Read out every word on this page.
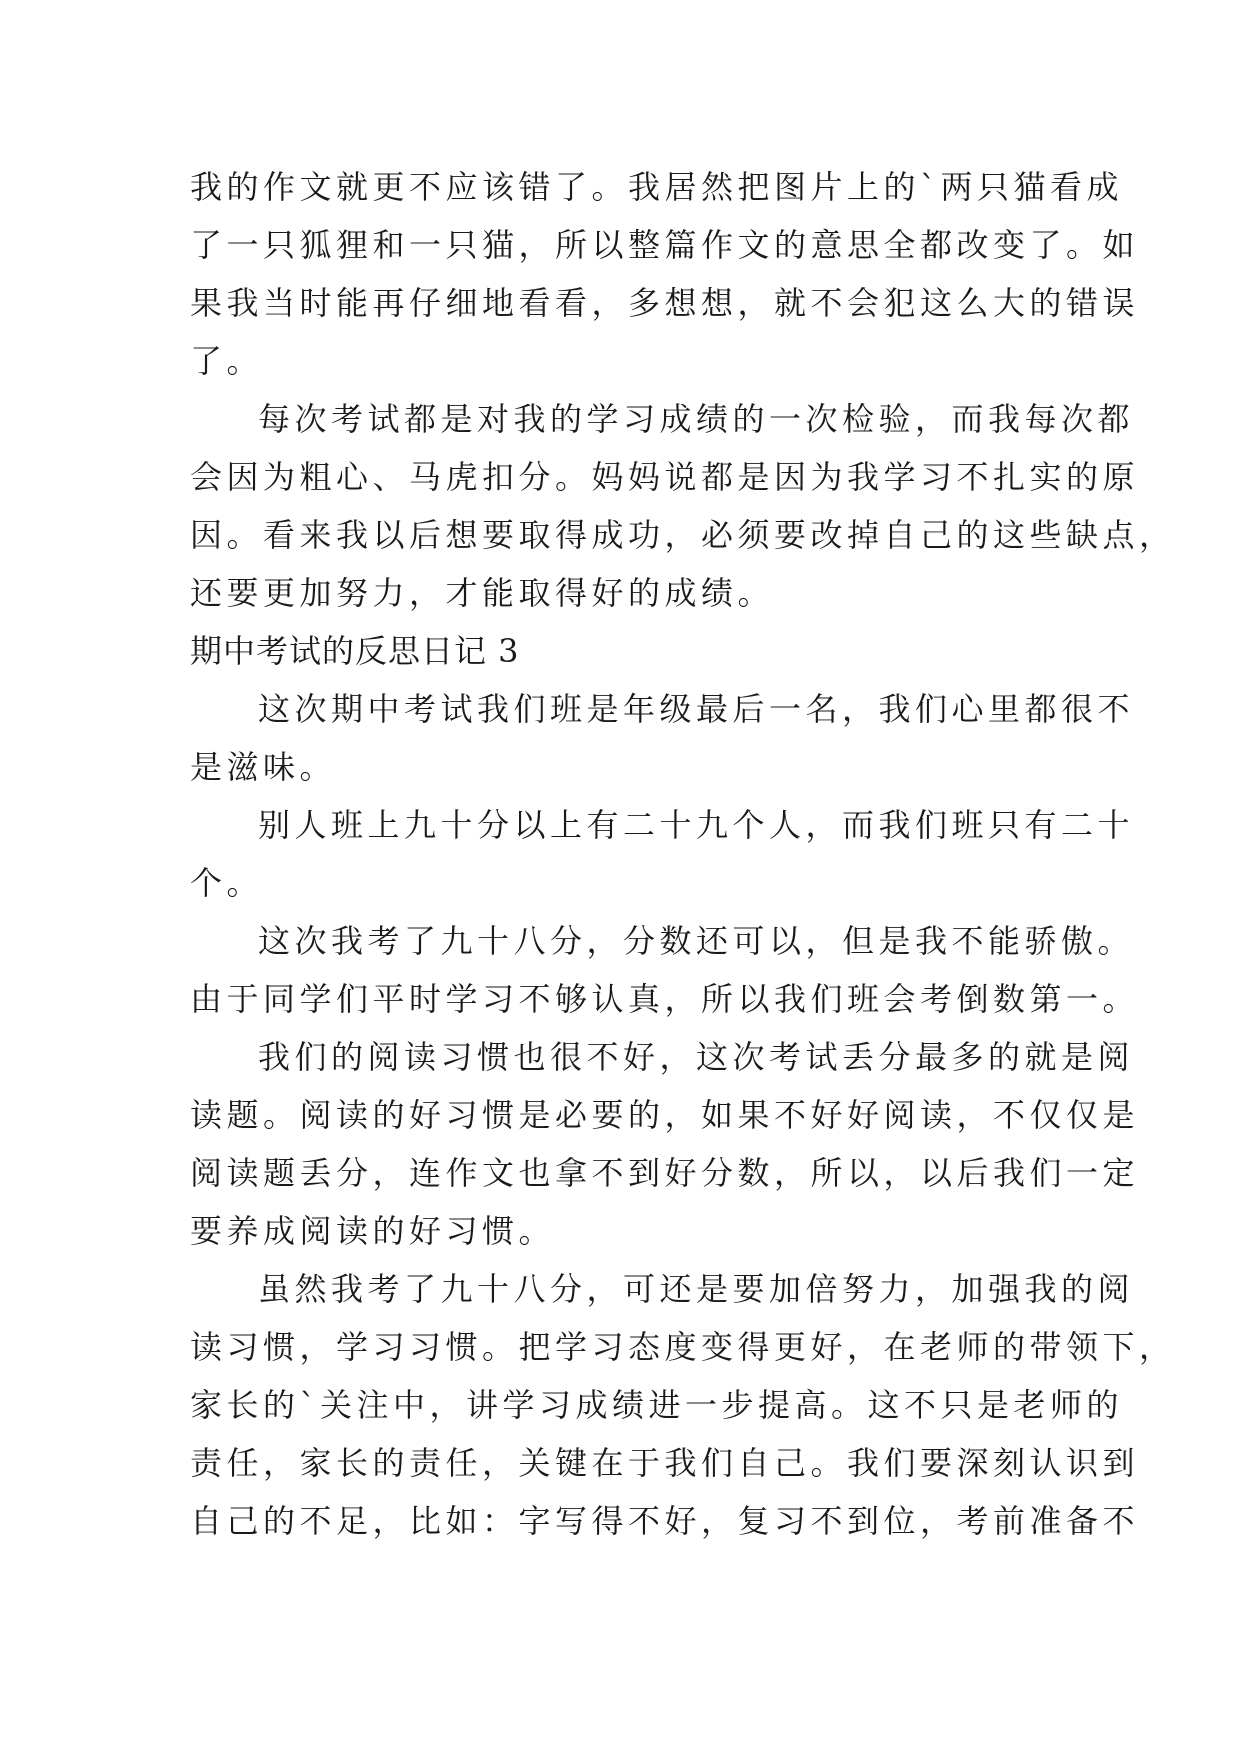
我的作文就更不应该错了。我居然把图片上的`两只猫看成
了一只狐狸和一只猫，所以整篇作文的意思全都改变了。如
果我当时能再仔细地看看，多想想，就不会犯这么大的错误
了。
每次考试都是对我的学习成绩的一次检验，而我每次都
会因为粗心、马虎扣分。妈妈说都是因为我学习不扎实的原
因。看来我以后想要取得成功，必须要改掉自己的这些缺点，
还要更加努力，才能取得好的成绩。
期中考试的反思日记 3
这次期中考试我们班是年级最后一名，我们心里都很不
是滋味。
别人班上九十分以上有二十九个人，而我们班只有二十
个。
这次我考了九十八分，分数还可以，但是我不能骄傲。
由于同学们平时学习不够认真，所以我们班会考倒数第一。
我们的阅读习惯也很不好，这次考试丢分最多的就是阅
读题。阅读的好习惯是必要的，如果不好好阅读，不仅仅是
阅读题丢分，连作文也拿不到好分数，所以，以后我们一定
要养成阅读的好习惯。
虽然我考了九十八分，可还是要加倍努力，加强我的阅
读习惯，学习习惯。把学习态度变得更好，在老师的带领下，
家长的`关注中，讲学习成绩进一步提高。这不只是老师的
责任，家长的责任，关键在于我们自己。我们要深刻认识到
自己的不足，比如：字写得不好，复习不到位，考前准备不
